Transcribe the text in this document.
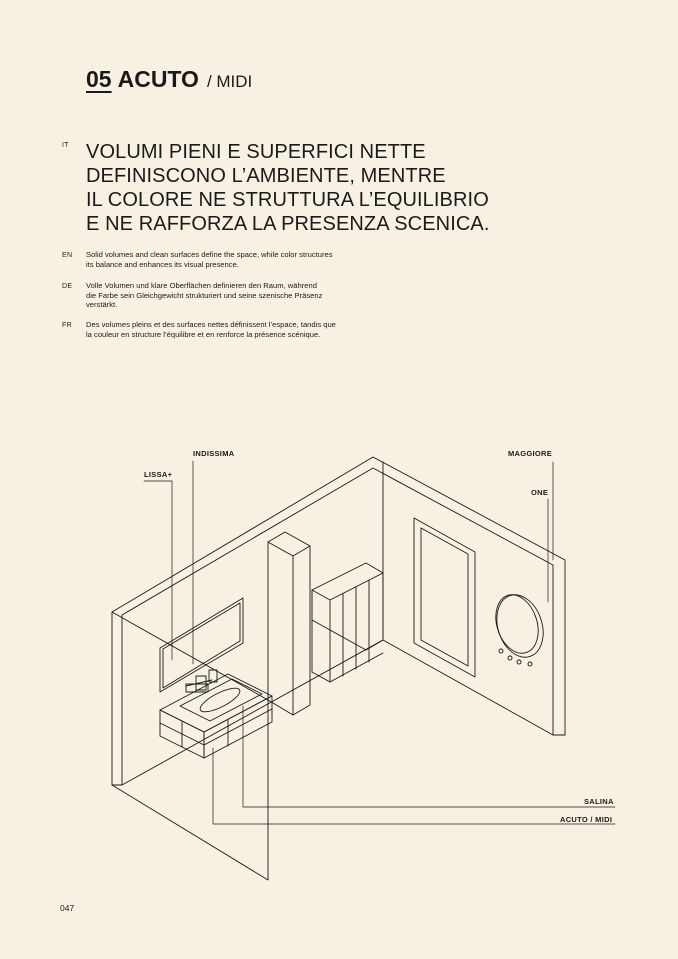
05 ACUTO / MIDI
IT VOLUMI PIENI E SUPERFICI NETTE
DEFINISCONO L’AMBIENTE, MENTRE
IL COLORE NE STRUTTURA L’EQUILIBRIO
E NE RAFFORZA LA PRESENZA SCENICA.
EN Solid volumes and clean surfaces define the space, while color structures
its balance and enhances its visual presence.
DE Volle Volumen und klare Oberflächen definieren den Raum, während
die Farbe sein Gleichgewicht strukturiert und seine szenische Präsenz
verstärkt.
FR Des volumes pleins et des surfaces nettes définissent l’espace, tandis que
la couleur en structure l’équilibre et en renforce la présence scénique.
INDISSIMA
LISSA+
MAGGIORE
ONE
SALINA
ACUTO / MIDI
047
